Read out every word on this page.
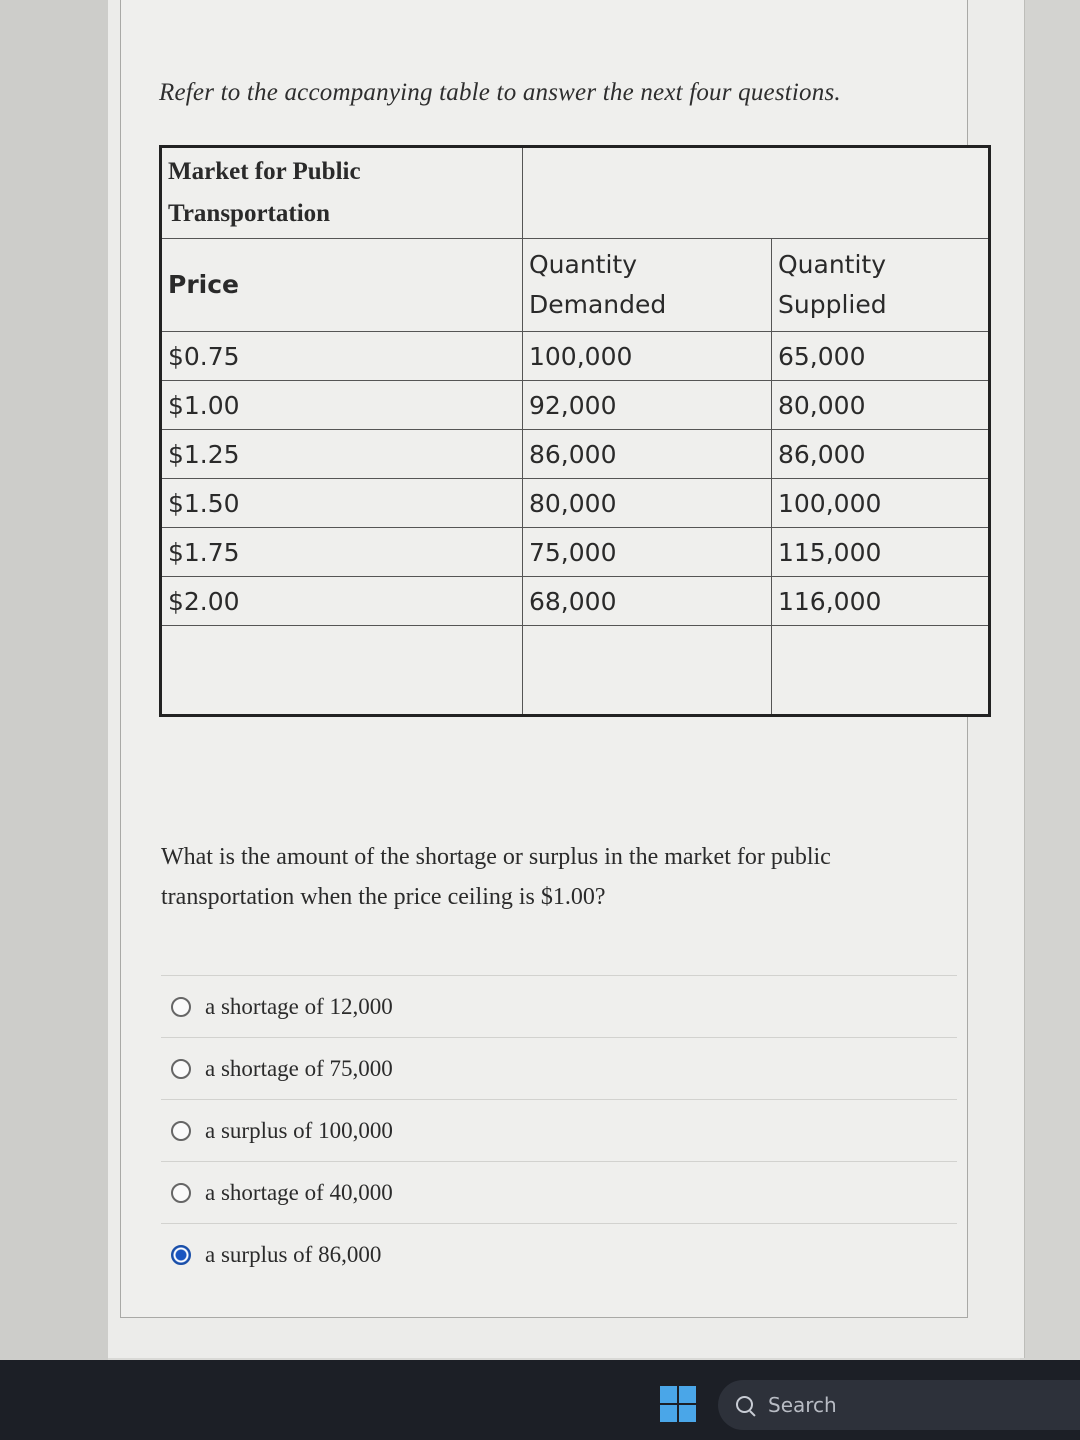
Refer to the accompanying table to answer the next four questions.

Market for Public Transportation		
Price	Quantity Demanded	Quantity Supplied
$0.75	100,000	65,000
$1.00	92,000	80,000
$1.25	86,000	86,000
$1.50	80,000	100,000
$1.75	75,000	115,000
$2.00	68,000	116,000

What is the amount of the shortage or surplus in the market for public transportation when the price ceiling is $1.00?

a shortage of 12,000
a shortage of 75,000
a surplus of 100,000
a shortage of 40,000
a surplus of 86,000
Search
